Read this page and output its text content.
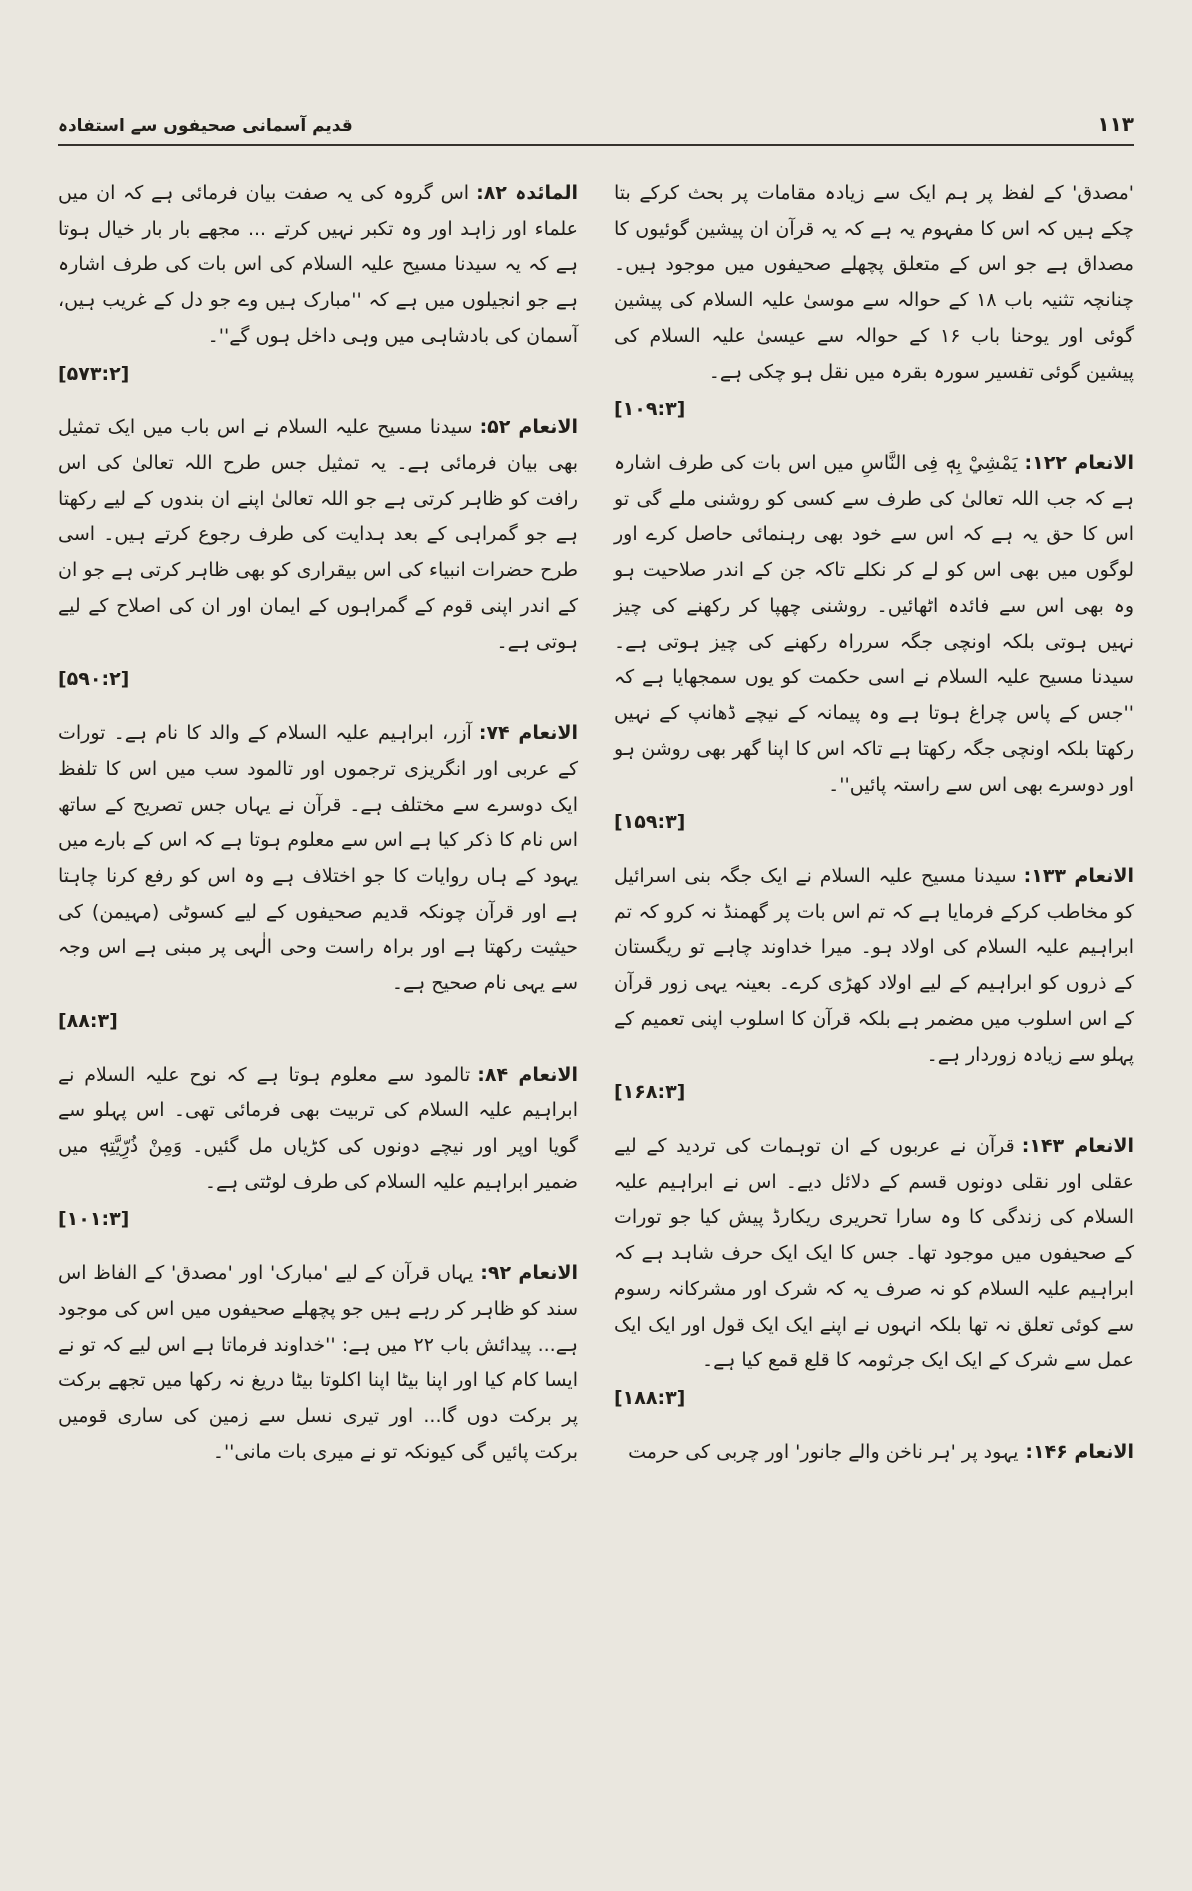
قدیم آسمانی صحیفوں سے استفادہ	۱۱۳
المائدہ ۸۲:اس گروہ کی یہ صفت بیان فرمائی ہے کہ ان میں علماء اور زاہد اور وہ تکبر نہیں کرتے ... مجھے بار بار خیال ہوتا ہے کہ یہ سیدنا مسیح علیہ السلام کی اس بات کی طرف اشارہ ہے جو انجیلوں میں ہے کہ ''مبارک ہیں وے جو دل کے غریب ہیں، آسمان کی بادشاہی میں وہی داخل ہوں گے''۔
[۵۷۳:۲]
الانعام ۵۲:سیدنا مسیح علیہ السلام نے اس باب میں ایک تمثیل بھی بیان فرمائی ہے۔ یہ تمثیل جس طرح اللہ تعالیٰ کی اس رافت کو ظاہر کرتی ہے جو اللہ تعالیٰ اپنے ان بندوں کے لیے رکھتا ہے جو گمراہی کے بعد ہدایت کی طرف رجوع کرتے ہیں۔ اسی طرح حضرات انبیاء کی اس بیقراری کو بھی ظاہر کرتی ہے جو ان کے اندر اپنی قوم کے گمراہوں کے ایمان اور ان کی اصلاح کے لیے ہوتی ہے۔
[۵۹۰:۲]
الانعام ۷۴:آزر، ابراہیم علیہ السلام کے والد کا نام ہے۔ تورات کے عربی اور انگریزی ترجموں اور تالمود سب میں اس کا تلفظ ایک دوسرے سے مختلف ہے۔ قرآن نے یہاں جس تصریح کے ساتھ اس نام کا ذکر کیا ہے اس سے معلوم ہوتا ہے کہ اس کے بارے میں یہود کے ہاں روایات کا جو اختلاف ہے وہ اس کو رفع کرنا چاہتا ہے اور قرآن چونکہ قدیم صحیفوں کے لیے کسوٹی (مہیمن) کی حیثیت رکھتا ہے اور براہ راست وحی الٰہی پر مبنی ہے اس وجہ سے یہی نام صحیح ہے۔
[۸۸:۳]
الانعام ۸۴:تالمود سے معلوم ہوتا ہے کہ نوح علیہ السلام نے ابراہیم علیہ السلام کی تربیت بھی فرمائی تھی۔ اس پہلو سے گویا اوپر اور نیچے دونوں کی کڑیاں مل گئیں۔ وَمِنْ ذُرِّيَّتِهٖ میں ضمیر ابراہیم علیہ السلام کی طرف لوٹتی ہے۔
[۱۰۱:۳]
الانعام ۹۲:یہاں قرآن کے لیے 'مبارک' اور 'مصدق' کے الفاظ اس سند کو ظاہر کر رہے ہیں جو پچھلے صحیفوں میں اس کی موجود ہے... پیدائش باب ۲۲ میں ہے: ''خداوند فرماتا ہے اس لیے کہ تو نے ایسا کام کیا اور اپنا بیٹا اپنا اکلوتا بیٹا دریغ نہ رکھا میں تجھے برکت پر برکت دوں گا... اور تیری نسل سے زمین کی ساری قومیں برکت پائیں گی کیونکہ تو نے میری بات مانی''۔
'مصدق' کے لفظ پر ہم ایک سے زیادہ مقامات پر بحث کرکے بتا چکے ہیں کہ اس کا مفہوم یہ ہے کہ یہ قرآن ان پیشین گوئیوں کا مصداق ہے جو اس کے متعلق پچھلے صحیفوں میں موجود ہیں۔ چنانچہ تثنیہ باب ۱۸ کے حوالہ سے موسیٰ علیہ السلام کی پیشین گوئی اور یوحنا باب ۱۶ کے حوالہ سے عیسیٰ علیہ السلام کی پیشین گوئی تفسیر سورہ بقرہ میں نقل ہو چکی ہے۔
[۱۰۹:۳]
الانعام ۱۲۲:يَمْشِيْ بِهٖ فِی النَّاسِ میں اس بات کی طرف اشارہ ہے کہ جب اللہ تعالیٰ کی طرف سے کسی کو روشنی ملے گی تو اس کا حق یہ ہے کہ اس سے خود بھی رہنمائی حاصل کرے اور لوگوں میں بھی اس کو لے کر نکلے تاکہ جن کے اندر صلاحیت ہو وہ بھی اس سے فائدہ اٹھائیں۔ روشنی چھپا کر رکھنے کی چیز نہیں ہوتی بلکہ اونچی جگہ سرراہ رکھنے کی چیز ہوتی ہے۔ سیدنا مسیح علیہ السلام نے اسی حکمت کو یوں سمجھایا ہے کہ ''جس کے پاس چراغ ہوتا ہے وہ پیمانہ کے نیچے ڈھانپ کے نہیں رکھتا بلکہ اونچی جگہ رکھتا ہے تاکہ اس کا اپنا گھر بھی روشن ہو اور دوسرے بھی اس سے راستہ پائیں''۔
[۱۵۹:۳]
الانعام ۱۳۳:سیدنا مسیح علیہ السلام نے ایک جگہ بنی اسرائیل کو مخاطب کرکے فرمایا ہے کہ تم اس بات پر گھمنڈ نہ کرو کہ تم ابراہیم علیہ السلام کی اولاد ہو۔ میرا خداوند چاہے تو ریگستان کے ذروں کو ابراہیم کے لیے اولاد کھڑی کرے۔ بعینہ یہی زور قرآن کے اس اسلوب میں مضمر ہے بلکہ قرآن کا اسلوب اپنی تعمیم کے پہلو سے زیادہ زوردار ہے۔
[۱۶۸:۳]
الانعام ۱۴۳:قرآن نے عربوں کے ان توہمات کی تردید کے لیے عقلی اور نقلی دونوں قسم کے دلائل دیے۔ اس نے ابراہیم علیہ السلام کی زندگی کا وہ سارا تحریری ریکارڈ پیش کیا جو تورات کے صحیفوں میں موجود تھا۔ جس کا ایک ایک حرف شاہد ہے کہ ابراہیم علیہ السلام کو نہ صرف یہ کہ شرک اور مشرکانہ رسوم سے کوئی تعلق نہ تھا بلکہ انہوں نے اپنے ایک ایک قول اور ایک ایک عمل سے شرک کے ایک ایک جرثومہ کا قلع قمع کیا ہے۔
[۱۸۸:۳]
الانعام ۱۴۶:یہود پر 'ہر ناخن والے جانور' اور چربی کی حرمت
